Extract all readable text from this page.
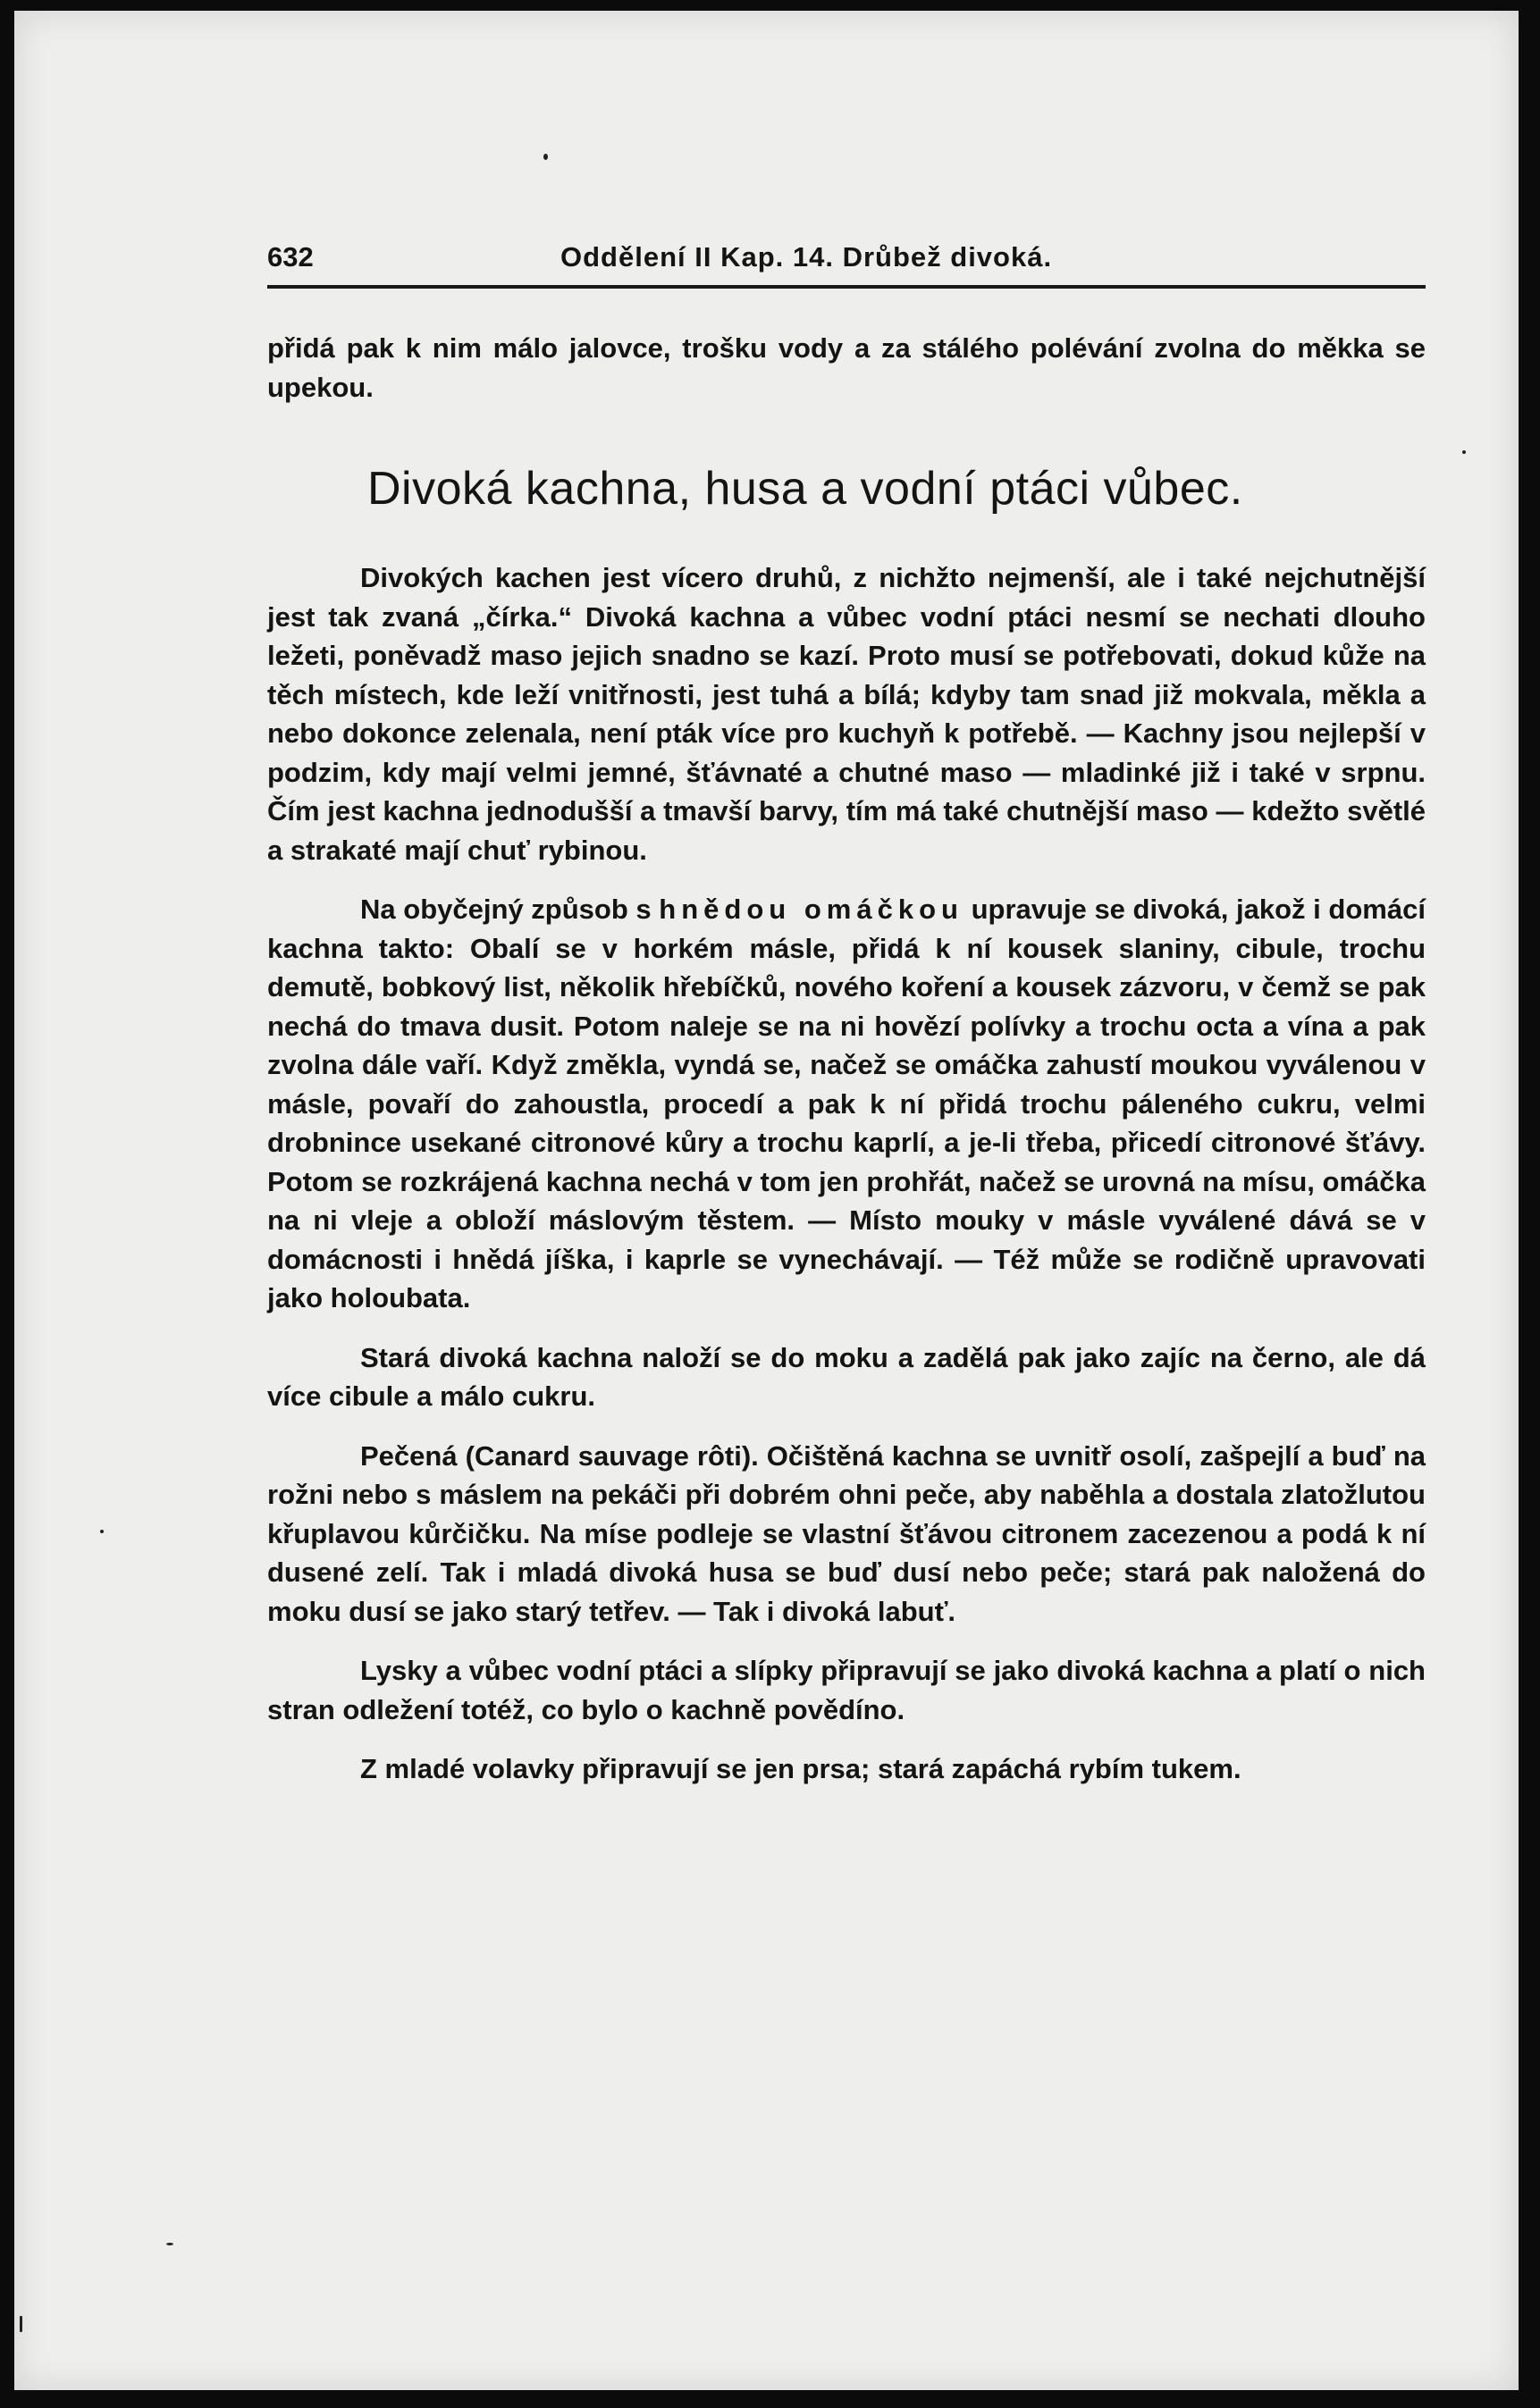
632	Oddělení II Kap. 14. Drůbež divoká.

přidá pak k nim málo jalovce, trošku vody a za stálého polévání zvolna do měkka se upekou.

Divoká kachna, husa a vodní ptáci vůbec.

Divokých kachen jest vícero druhů, z nichžto nejmenší, ale i také nejchutnější jest tak zvaná „čírka.“ Divoká kachna a vůbec vodní ptáci nesmí se nechati dlouho ležeti, poněvadž maso jejich snadno se kazí. Proto musí se potřebovati, dokud kůže na těch místech, kde leží vnitřnosti, jest tuhá a bílá; kdyby tam snad již mokvala, měkla a nebo dokonce zelenala, není pták více pro kuchyň k potřebě. — Kachny jsou nejlepší v podzim, kdy mají velmi jemné, šťávnaté a chutné maso — mladinké již i také v srpnu. Čím jest kachna jednodušší a tmavší barvy, tím má také chutnější maso — kdežto světlé a strakaté mají chuť rybinou.

Na obyčejný způsob s hnědou omáčkou upravuje se divoká, jakož i domácí kachna takto: Obalí se v horkém másle, přidá k ní kousek slaniny, cibule, trochu demutě, bobkový list, několik hřebíčků, nového koření a kousek zázvoru, v čemž se pak nechá do tmava dusit. Potom naleje se na ni hovězí polívky a trochu octa a vína a pak zvolna dále vaří. Když změkla, vyndá se, načež se omáčka zahustí moukou vyválenou v másle, povaří do zahoustla, procedí a pak k ní přidá trochu páleného cukru, velmi drobnince usekané citronové kůry a trochu kaprlí, a je-li třeba, přicedí citronové šťávy. Potom se rozkrájená kachna nechá v tom jen prohřát, načež se urovná na mísu, omáčka na ni vleje a obloží máslovým těstem. — Místo mouky v másle vyválené dává se v domácnosti i hnědá jíška, i kaprle se vynechávají. — Též může se rodičně upravovati jako holoubata.

Stará divoká kachna naloží se do moku a zadělá pak jako zajíc na černo, ale dá více cibule a málo cukru.

Pečená (Canard sauvage rôti). Očištěná kachna se uvnitř osolí, zašpejlí a buď na rožni nebo s máslem na pekáči při dobrém ohni peče, aby naběhla a dostala zlatožlutou křuplavou kůrčičku. Na míse podleje se vlastní šťávou citronem zacezenou a podá k ní dusené zelí. Tak i mladá divoká husa se buď dusí nebo peče; stará pak naložená do moku dusí se jako starý tetřev. — Tak i divoká labuť.

Lysky a vůbec vodní ptáci a slípky připravují se jako divoká kachna a platí o nich stran odležení totéž, co bylo o kachně povědíno.

Z mladé volavky připravují se jen prsa; stará zapáchá rybím tukem.
